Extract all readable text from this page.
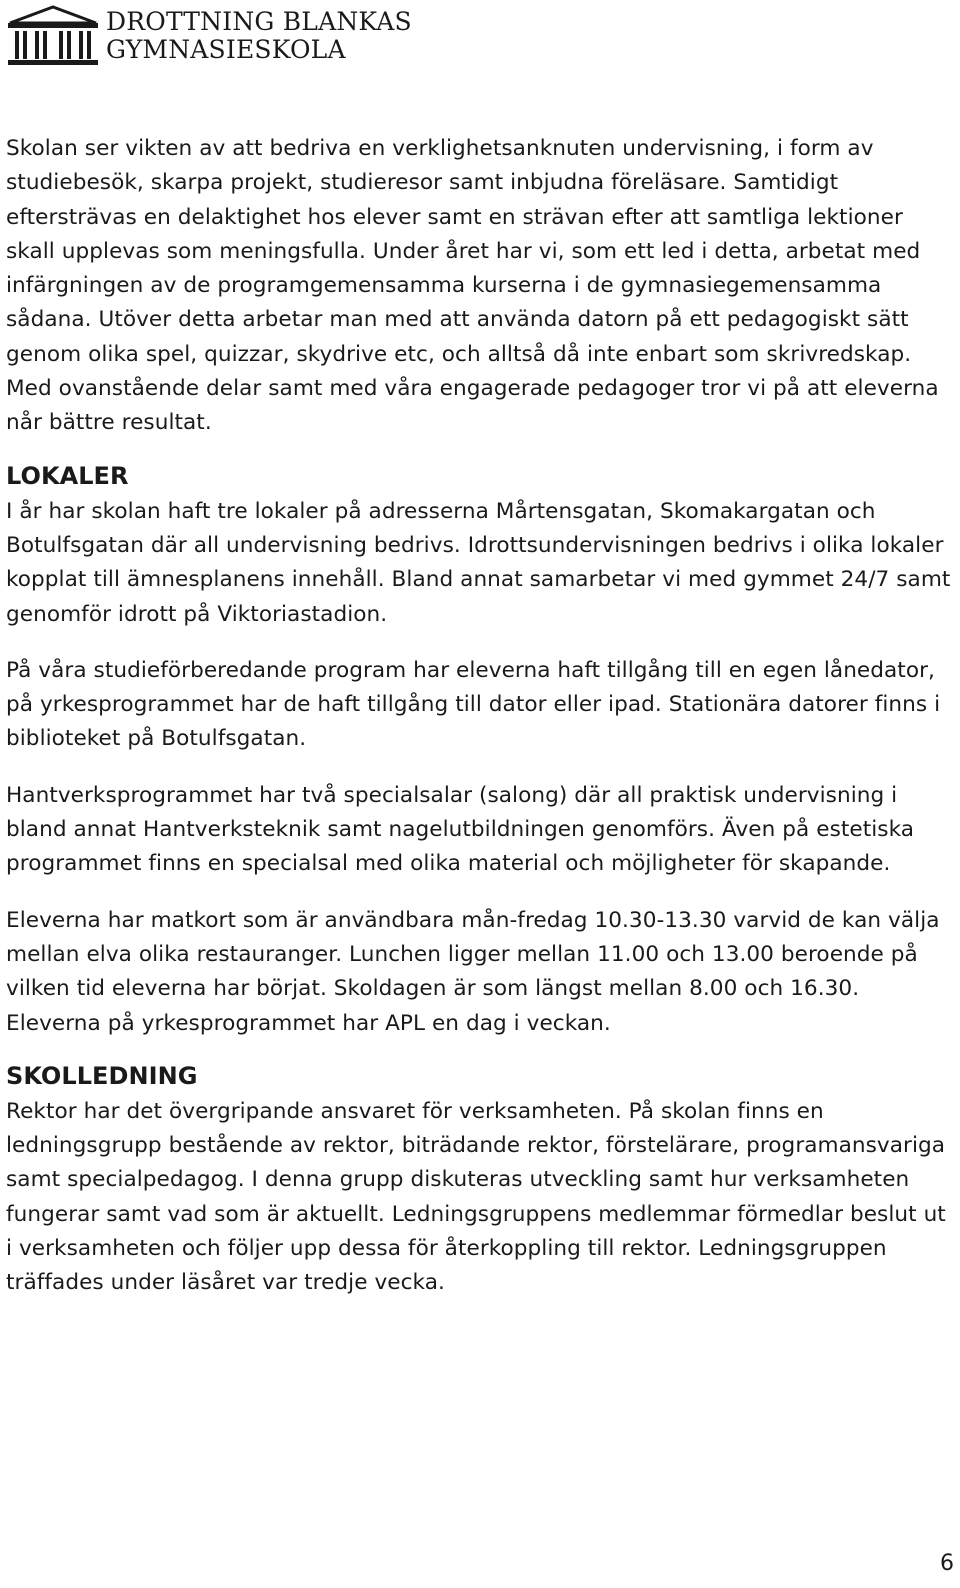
DROTTNING BLANKAS
GYMNASIESKOLA

Skolan ser vikten av att bedriva en verklighetsanknuten undervisning, i form av studiebesök, skarpa projekt, studieresor samt inbjudna föreläsare. Samtidigt eftersträvas en delaktighet hos elever samt en strävan efter att samtliga lektioner skall upplevas som meningsfulla. Under året har vi, som ett led i detta, arbetat med infärgningen av de programgemensamma kurserna i de gymnasiegemensamma sådana. Utöver detta arbetar man med att använda datorn på ett pedagogiskt sätt genom olika spel, quizzar, skydrive etc, och alltså då inte enbart som skrivredskap. Med ovanstående delar samt med våra engagerade pedagoger tror vi på att eleverna når bättre resultat.

LOKALER

I år har skolan haft tre lokaler på adresserna Mårtensgatan, Skomakargatan och Botulfsgatan där all undervisning bedrivs. Idrottsundervisningen bedrivs i olika lokaler kopplat till ämnesplanens innehåll. Bland annat samarbetar vi med gymmet 24/7 samt genomför idrott på Viktoriastadion.

På våra studieförberedande program har eleverna haft tillgång till en egen lånedator, på yrkesprogrammet har de haft tillgång till dator eller ipad. Stationära datorer finns i biblioteket på Botulfsgatan.

Hantverksprogrammet har två specialsalar (salong) där all praktisk undervisning i bland annat Hantverksteknik samt nagelutbildningen genomförs. Även på estetiska programmet finns en specialsal med olika material och möjligheter för skapande.

Eleverna har matkort som är användbara mån-fredag 10.30-13.30 varvid de kan välja mellan elva olika restauranger. Lunchen ligger mellan 11.00 och 13.00 beroende på vilken tid eleverna har börjat. Skoldagen är som längst mellan 8.00 och 16.30. Eleverna på yrkesprogrammet har APL en dag i veckan.

SKOLLEDNING

Rektor har det övergripande ansvaret för verksamheten. På skolan finns en ledningsgrupp bestående av rektor, biträdande rektor, förstelärare, programansvariga samt specialpedagog. I denna grupp diskuteras utveckling samt hur verksamheten fungerar samt vad som är aktuellt. Ledningsgruppens medlemmar förmedlar beslut ut i verksamheten och följer upp dessa för återkoppling till rektor. Ledningsgruppen träffades under läsåret var tredje vecka.

6
